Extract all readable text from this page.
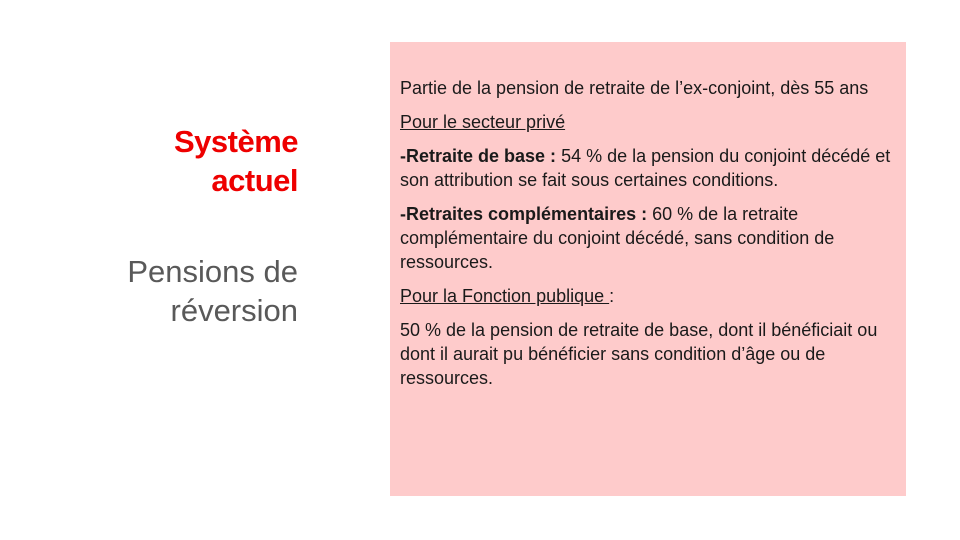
Système
actuel
Pensions de
réversion

Partie de la pension de retraite de l’ex-conjoint, dès 55 ans

Pour le secteur privé

-Retraite de base : 54 % de la pension du conjoint décédé et son attribution se fait sous certaines conditions.

-Retraites complémentaires : 60 % de la retraite complémentaire du conjoint décédé, sans condition de ressources.

Pour la Fonction publique :

50 % de la pension de retraite de base, dont il bénéficiait ou dont il aurait pu bénéficier sans condition d’âge ou de ressources.
